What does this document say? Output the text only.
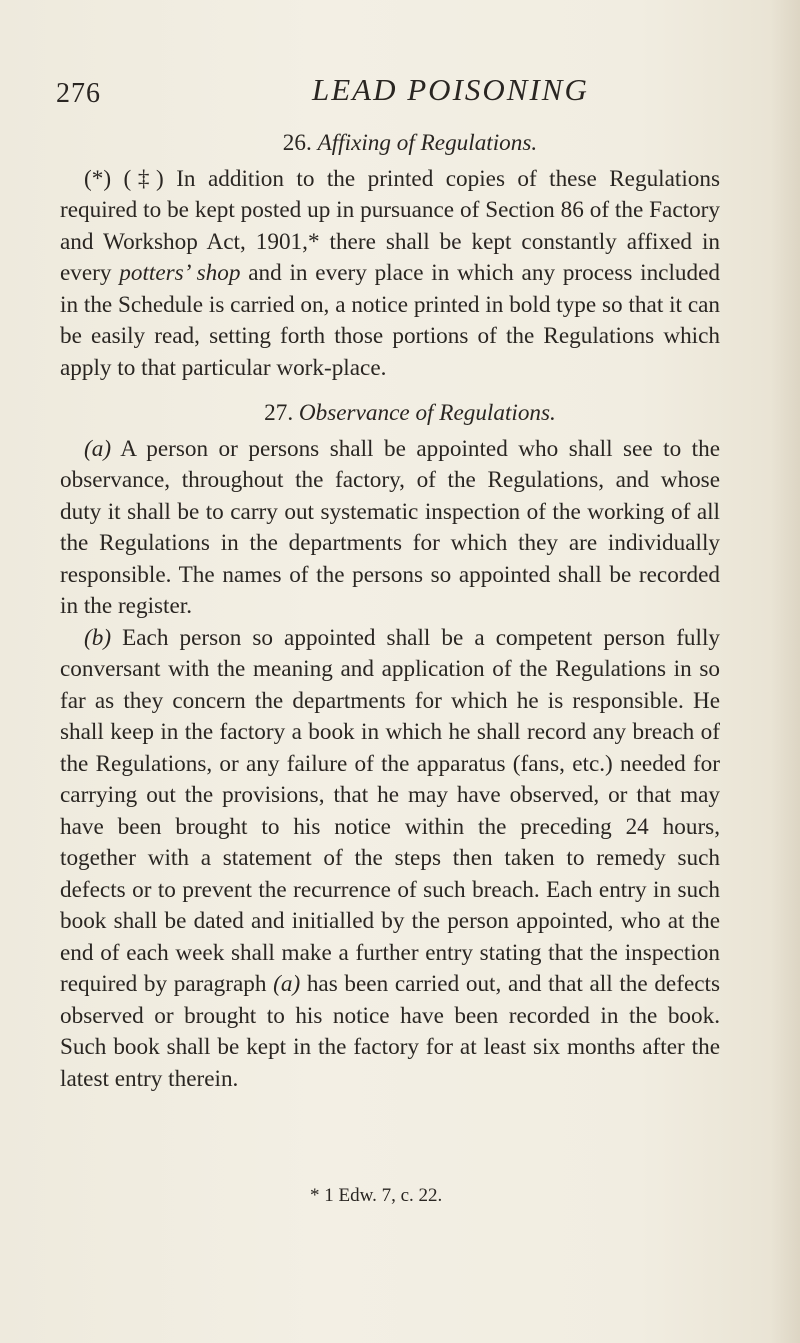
276	LEAD POISONING

26. Affixing of Regulations.

(*) (‡) In addition to the printed copies of these Regulations required to be kept posted up in pursuance of Section 86 of the Factory and Workshop Act, 1901,* there shall be kept constantly affixed in every potters’ shop and in every place in which any process included in the Schedule is carried on, a notice printed in bold type so that it can be easily read, setting forth those portions of the Regulations which apply to that particular work-place.

27. Observance of Regulations.

(a) A person or persons shall be appointed who shall see to the observance, throughout the factory, of the Regulations, and whose duty it shall be to carry out systematic inspection of the working of all the Regulations in the departments for which they are individually responsible. The names of the persons so appointed shall be recorded in the register.

(b) Each person so appointed shall be a competent person fully conversant with the meaning and application of the Regulations in so far as they concern the departments for which he is responsible. He shall keep in the factory a book in which he shall record any breach of the Regulations, or any failure of the apparatus (fans, etc.) needed for carrying out the provisions, that he may have observed, or that may have been brought to his notice within the preceding 24 hours, together with a statement of the steps then taken to remedy such defects or to prevent the recurrence of such breach. Each entry in such book shall be dated and initialled by the person appointed, who at the end of each week shall make a further entry stating that the inspection required by paragraph (a) has been carried out, and that all the defects observed or brought to his notice have been recorded in the book. Such book shall be kept in the factory for at least six months after the latest entry therein.

* 1 Edw. 7, c. 22.
